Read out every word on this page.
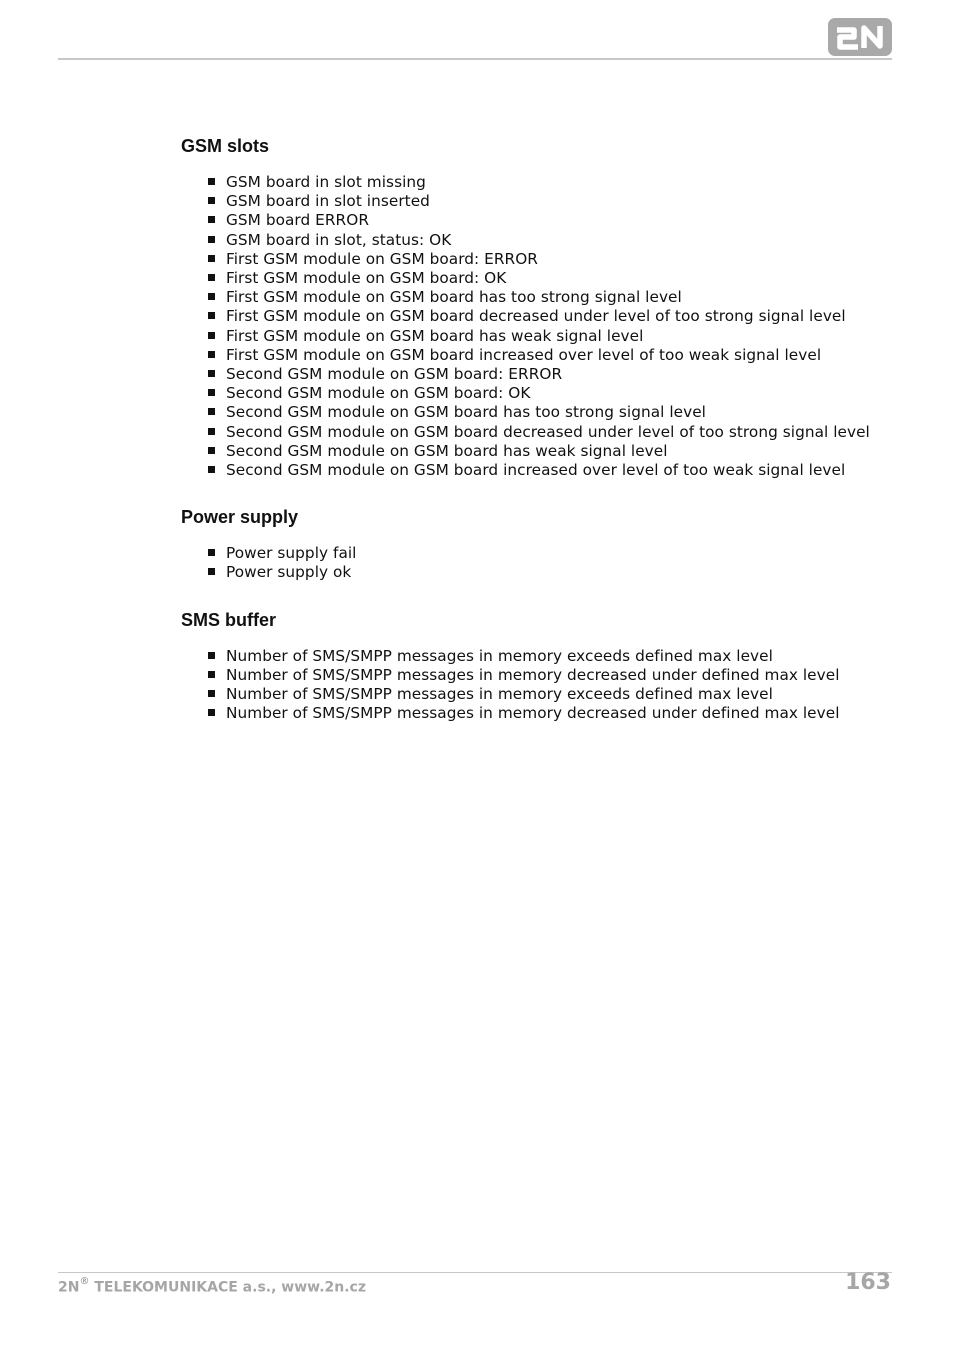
GSM slots
GSM board in slot missing
GSM board in slot inserted
GSM board ERROR
GSM board in slot, status: OK
First GSM module on GSM board: ERROR
First GSM module on GSM board: OK
First GSM module on GSM board has too strong signal level
First GSM module on GSM board decreased under level of too strong signal level
First GSM module on GSM board has weak signal level
First GSM module on GSM board increased over level of too weak signal level
Second GSM module on GSM board: ERROR
Second GSM module on GSM board: OK
Second GSM module on GSM board has too strong signal level
Second GSM module on GSM board decreased under level of too strong signal level
Second GSM module on GSM board has weak signal level
Second GSM module on GSM board increased over level of too weak signal level
Power supply
Power supply fail
Power supply ok
SMS buffer
Number of SMS/SMPP messages in memory exceeds defined max level
Number of SMS/SMPP messages in memory decreased under defined max level
Number of SMS/SMPP messages in memory exceeds defined max level
Number of SMS/SMPP messages in memory decreased under defined max level
2N® TELEKOMUNIKACE a.s., www.2n.cz	163
